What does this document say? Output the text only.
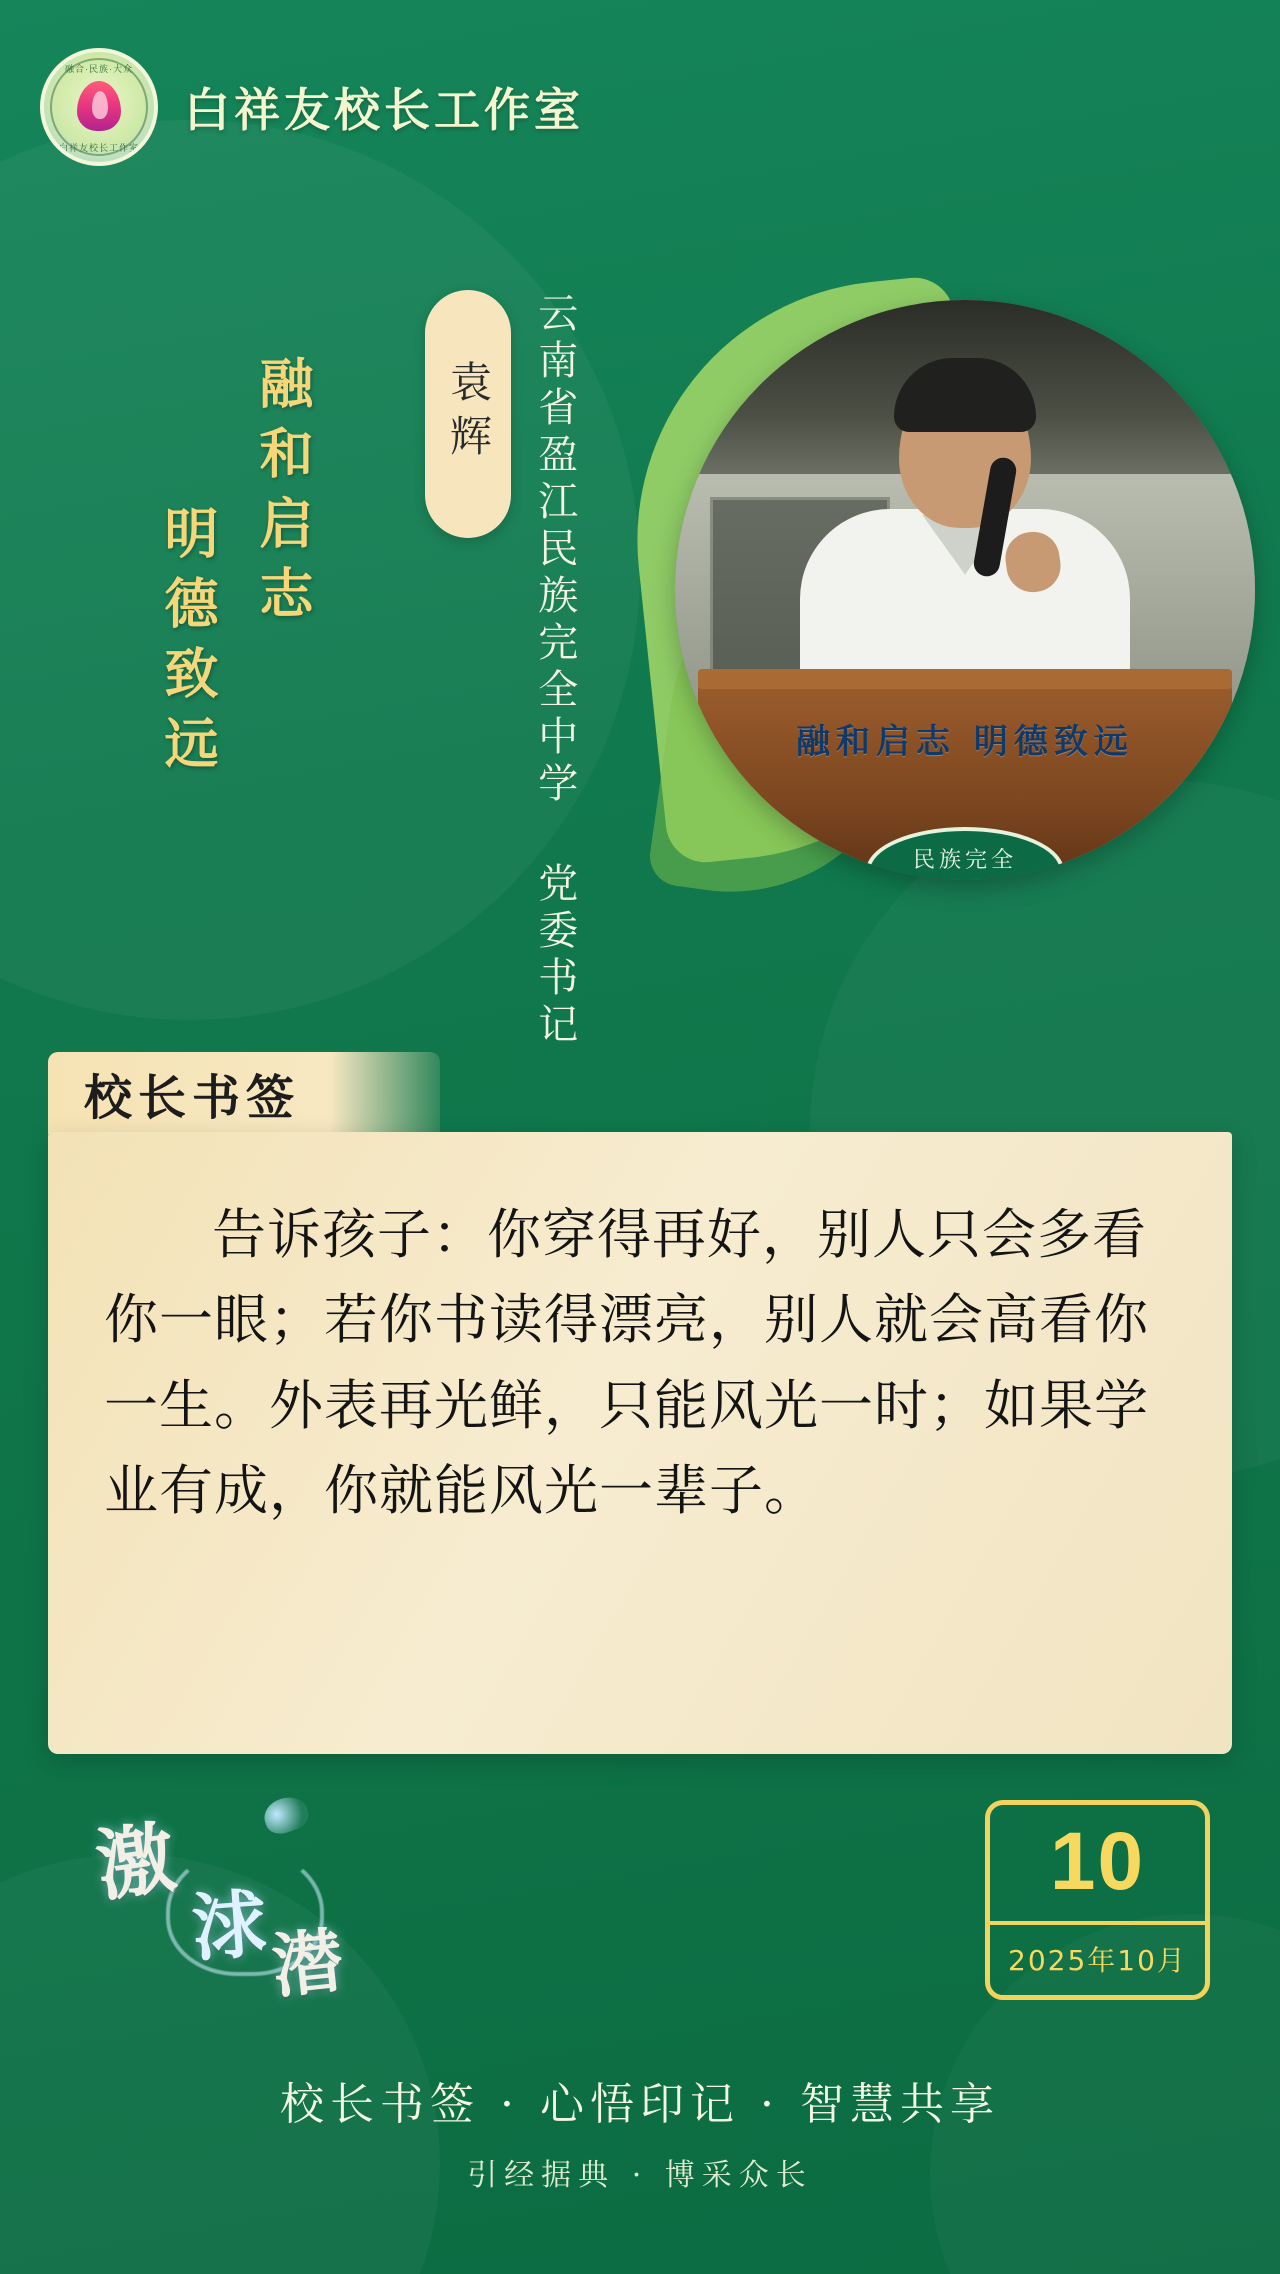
融合·民族·大众
白祥友校长工作室
白祥友校长工作室
融和启志
明德致远
袁辉 云南省盈江民族完全中学 党委书记	融和启志 明德致远
民族完全
校长书签

告诉孩子：你穿得再好，别人只会多看你一眼；若你书读得漂亮，别人就会高看你一生。外表再光鲜，只能风光一时；如果学业有成，你就能风光一辈子。

激
浗 潜
10
2025年10月
校长书签 · 心悟印记 · 智慧共享
引经据典 · 博采众长
